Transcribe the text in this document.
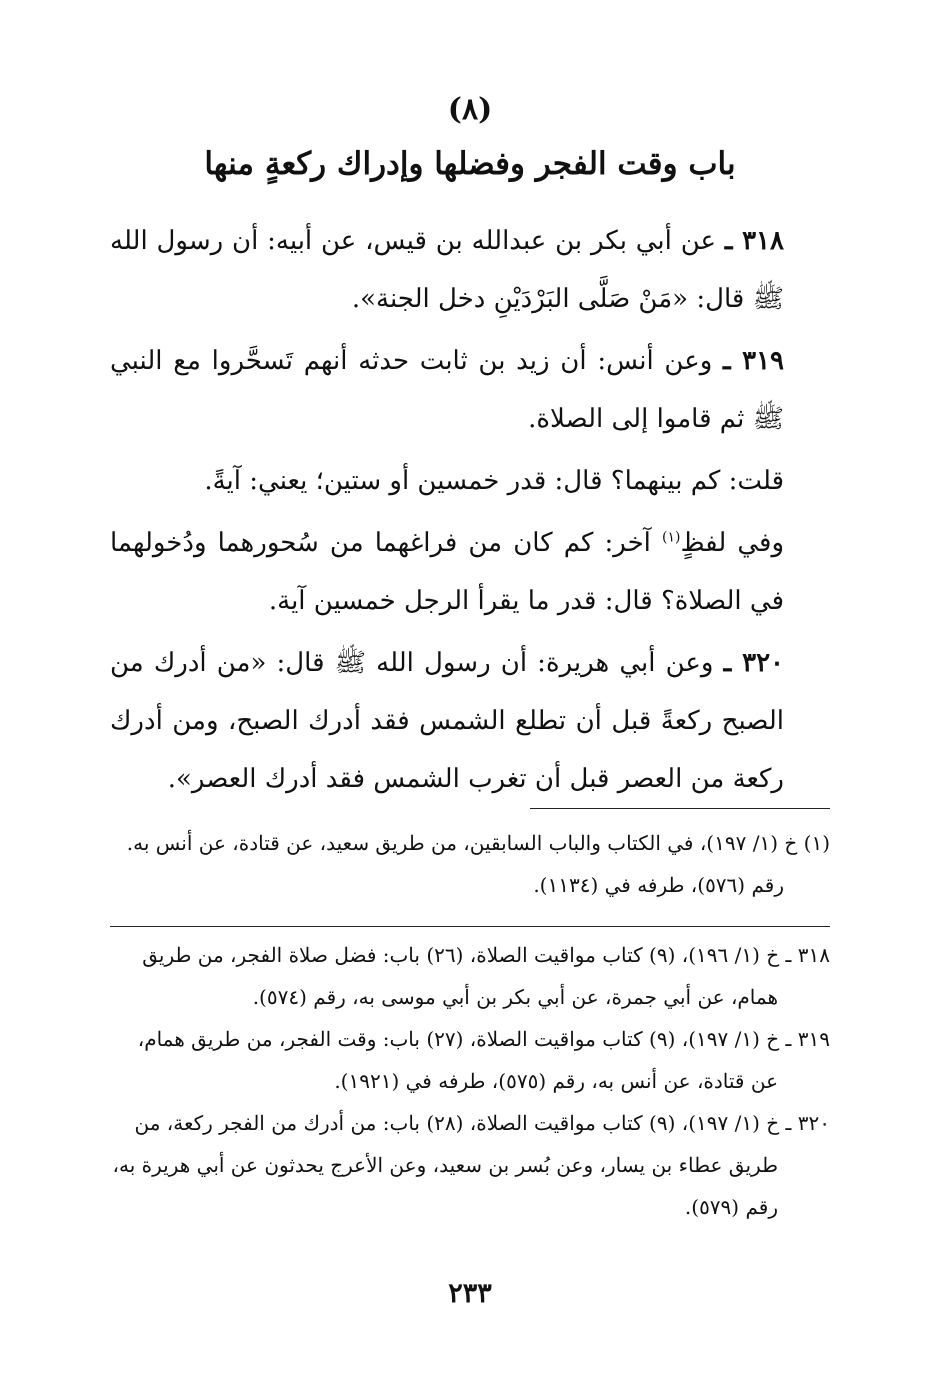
(٨)
باب وقت الفجر وفضلها وإدراك ركعةٍ منها

٣١٨ ـ عن أبي بكر بن عبدالله بن قيس، عن أبيه: أن رسول الله ﷺ قال: «مَنْ صَلَّى البَرْدَيْنِ دخل الجنة».

٣١٩ ـ وعن أنس: أن زيد بن ثابت حدثه أنهم تَسحَّروا مع النبي ﷺ ثم قاموا إلى الصلاة.

قلت: كم بينهما؟ قال: قدر خمسين أو ستين؛ يعني: آيةً.

وفي لفظٍ$^{(١)}$ آخر: كم كان من فراغهما من سُحورهما ودُخولهما في الصلاة؟ قال: قدر ما يقرأ الرجل خمسين آية.

٣٢٠ ـ وعن أبي هريرة: أن رسول الله ﷺ قال: «من أدرك من الصبح ركعةً قبل أن تطلع الشمس فقد أدرك الصبح، ومن أدرك ركعة من العصر قبل أن تغرب الشمس فقد أدرك العصر».

(١) خ (١/ ١٩٧)، في الكتاب والباب السابقين، من طريق سعيد، عن قتادة، عن أنس به. رقم (٥٧٦)، طرفه في (١١٣٤).

٣١٨ ـ خ (١/ ١٩٦)، (٩) كتاب مواقيت الصلاة، (٢٦) باب: فضل صلاة الفجر، من طريق همام، عن أبي جمرة، عن أبي بكر بن أبي موسى به، رقم (٥٧٤).

٣١٩ ـ خ (١/ ١٩٧)، (٩) كتاب مواقيت الصلاة، (٢٧) باب: وقت الفجر، من طريق همام، عن قتادة، عن أنس به، رقم (٥٧٥)، طرفه في (١٩٢١).

٣٢٠ ـ خ (١/ ١٩٧)، (٩) كتاب مواقيت الصلاة، (٢٨) باب: من أدرك من الفجر ركعة، من طريق عطاء بن يسار، وعن بُسر بن سعيد، وعن الأعرج يحدثون عن أبي هريرة به، رقم (٥٧٩).

٢٣٣
